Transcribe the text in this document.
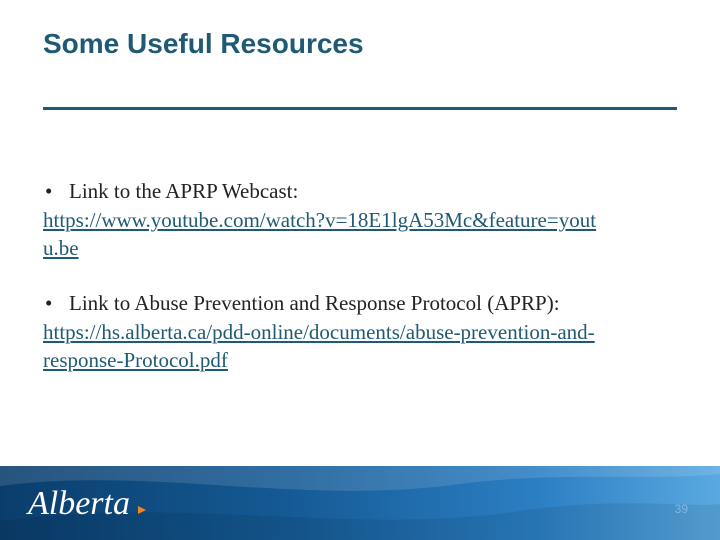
Some Useful Resources
• Link to the APRP Webcast:
https://www.youtube.com/watch?v=18E1lgA53Mc&feature=yout
u.be
• Link to Abuse Prevention and Response Protocol (APRP):
https://hs.alberta.ca/pdd-online/documents/abuse-prevention-and-
response-Protocol.pdf
Alberta	39
